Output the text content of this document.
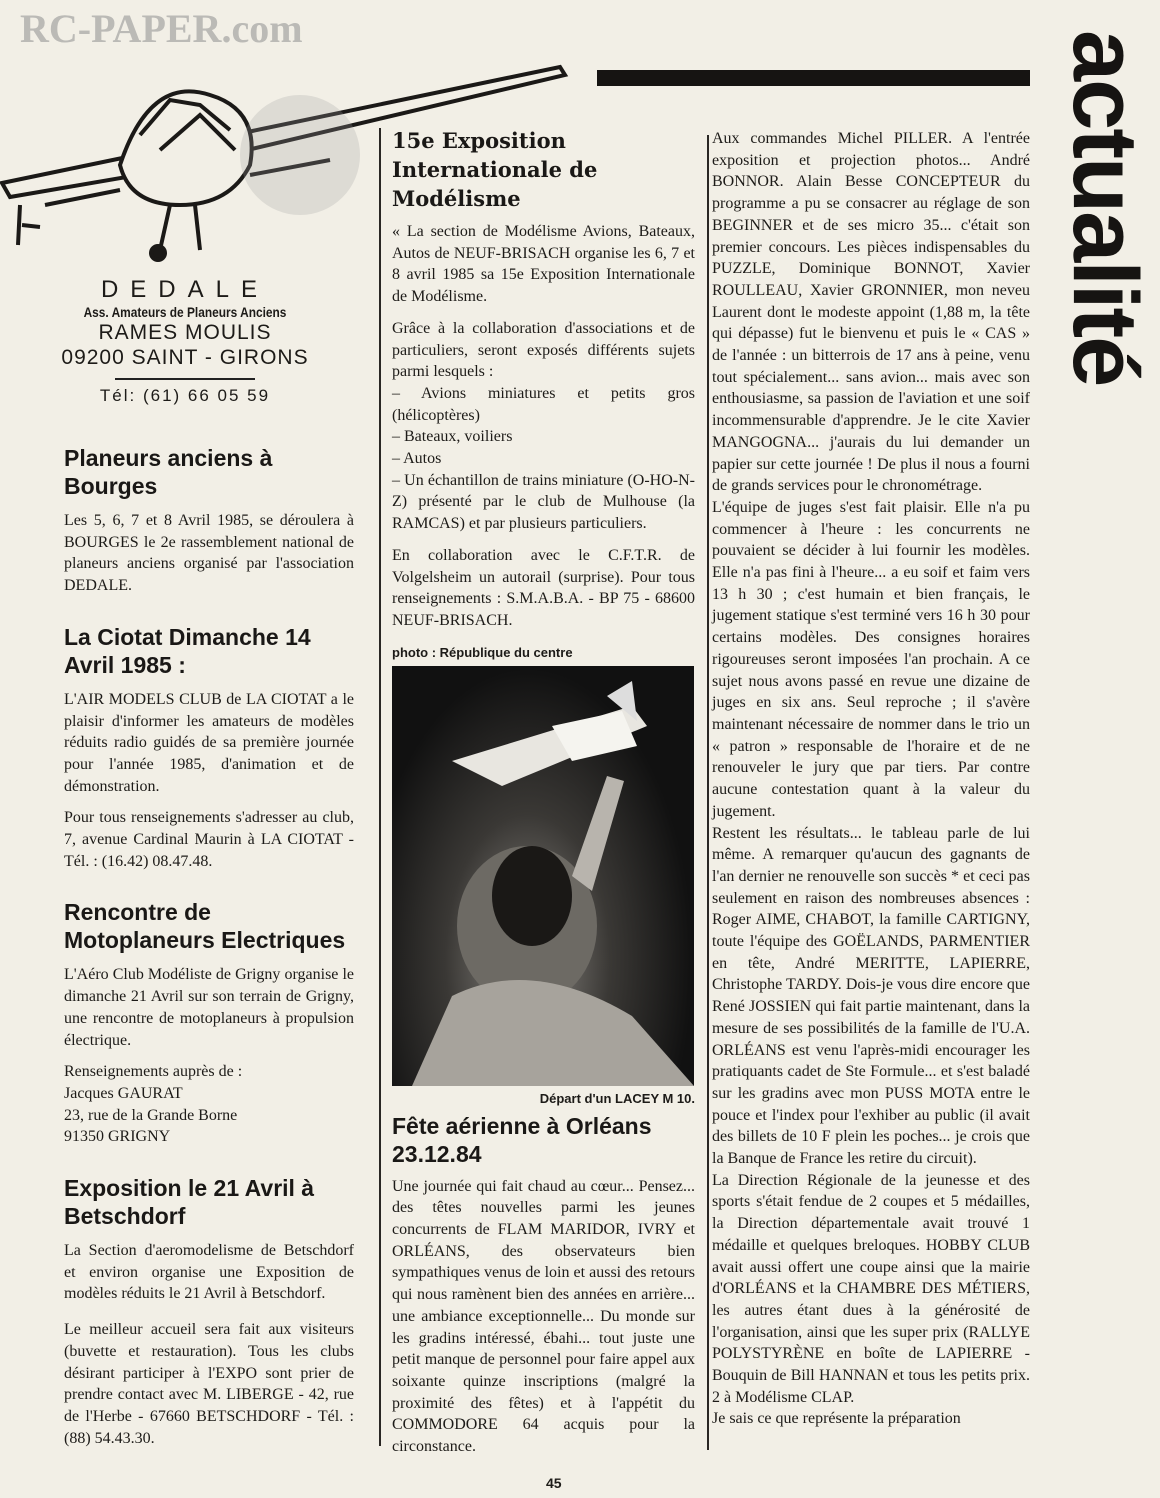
actualité
RC-PAPER.com
DEDALE
Ass. Amateurs de Planeurs Anciens
RAMES MOULIS
09200 SAINT - GIRONS
Tél: (61) 66 05 59
Planeurs anciens à Bourges

Les 5, 6, 7 et 8 Avril 1985, se déroulera à BOURGES le 2e rassemblement national de planeurs anciens organisé par l'association DEDALE.

La Ciotat Dimanche 14 Avril 1985 :

L'AIR MODELS CLUB de LA CIOTAT a le plaisir d'informer les amateurs de modèles réduits radio guidés de sa première journée pour l'année 1985, d'animation et de démonstration.

Pour tous renseignements s'adresser au club, 7, avenue Cardinal Maurin à LA CIOTAT - Tél. : (16.42) 08.47.48.

Rencontre de Motoplaneurs Electriques

L'Aéro Club Modéliste de Grigny organise le dimanche 21 Avril sur son terrain de Grigny, une rencontre de motoplaneurs à propulsion électrique.

Renseignements auprès de :

Jacques GAURAT

23, rue de la Grande Borne

91350 GRIGNY

Exposition le 21 Avril à Betschdorf

La Section d'aeromodelisme de Betschdorf et environ organise une Exposition de modèles réduits le 21 Avril à Betschdorf.

Le meilleur accueil sera fait aux visiteurs (buvette et restauration). Tous les clubs désirant participer à l'EXPO sont prier de prendre contact avec M. LIBERGE - 42, rue de l'Herbe - 67660 BETSCHDORF - Tél. : (88) 54.43.30.

15e Exposition Internationale de Modélisme

« La section de Modélisme Avions, Bateaux, Autos de NEUF-BRISACH organise les 6, 7 et 8 avril 1985 sa 15e Exposition Internationale de Modélisme.

Grâce à la collaboration d'associations et de particuliers, seront exposés différents sujets parmi lesquels :

– Avions miniatures et petits gros (hélicoptères)

– Bateaux, voiliers

– Autos

– Un échantillon de trains miniature (O-HO-N-Z) présenté par le club de Mulhouse (la RAMCAS) et par plusieurs particuliers.

En collaboration avec le C.F.T.R. de Volgelsheim un autorail (surprise). Pour tous renseignements : S.M.A.B.A. - BP 75 - 68600 NEUF-BRISACH.

photo : République du centre
Départ d'un LACEY M 10.
Fête aérienne à Orléans 23.12.84

Une journée qui fait chaud au cœur... Pensez... des têtes nouvelles parmi les jeunes concurrents de FLAM MARIDOR, IVRY et ORLÉANS, des observateurs bien sympathiques venus de loin et aussi des retours qui nous ramènent bien des années en arrière... une ambiance exceptionnelle... Du monde sur les gradins intéressé, ébahi... tout juste une petit manque de personnel pour faire appel aux soixante quinze inscriptions (malgré la proximité des fêtes) et à l'appétit du COMMODORE 64 acquis pour la circonstance.

Aux commandes Michel PILLER. A l'entrée exposition et projection photos... André BONNOR. Alain Besse CONCEPTEUR du programme a pu se consacrer au réglage de son BEGINNER et de ses micro 35... c'était son premier concours. Les pièces indispensables du PUZZLE, Dominique BONNOT, Xavier ROULLEAU, Xavier GRONNIER, mon neveu Laurent dont le modeste appoint (1,88 m, la tête qui dépasse) fut le bienvenu et puis le « CAS » de l'année : un bitterrois de 17 ans à peine, venu tout spécialement... sans avion... mais avec son enthousiasme, sa passion de l'aviation et une soif incommensurable d'apprendre. Je le cite Xavier MANGOGNA... j'aurais du lui demander un papier sur cette journée ! De plus il nous a fourni de grands services pour le chronométrage.

L'équipe de juges s'est fait plaisir. Elle n'a pu commencer à l'heure : les concurrents ne pouvaient se décider à lui fournir les modèles. Elle n'a pas fini à l'heure... a eu soif et faim vers 13 h 30 ; c'est humain et bien français, le jugement statique s'est terminé vers 16 h 30 pour certains modèles. Des consignes horaires rigoureuses seront imposées l'an prochain. A ce sujet nous avons passé en revue une dizaine de juges en six ans. Seul reproche ; il s'avère maintenant nécessaire de nommer dans le trio un « patron » responsable de l'horaire et de ne renouveler le jury que par tiers. Par contre aucune contestation quant à la valeur du jugement.

Restent les résultats... le tableau parle de lui même. A remarquer qu'aucun des gagnants de l'an dernier ne renouvelle son succès * et ceci pas seulement en raison des nombreuses absences : Roger AIME, CHABOT, la famille CARTIGNY, toute l'équipe des GOËLANDS, PARMENTIER en tête, André MERITTE, LAPIERRE, Christophe TARDY. Dois-je vous dire encore que René JOSSIEN qui fait partie maintenant, dans la mesure de ses possibilités de la famille de l'U.A. ORLÉANS est venu l'après-midi encourager les pratiquants cadet de Ste Formule... et s'est baladé sur les gradins avec mon PUSS MOTA entre le pouce et l'index pour l'exhiber au public (il avait des billets de 10 F plein les poches... je crois que la Banque de France les retire du circuit).

La Direction Régionale de la jeunesse et des sports s'était fendue de 2 coupes et 5 médailles, la Direction départementale avait trouvé 1 médaille et quelques breloques. HOBBY CLUB avait aussi offert une coupe ainsi que la mairie d'ORLÉANS et la CHAMBRE DES MÉTIERS, les autres étant dues à la générosité de l'organisation, ainsi que les super prix (RALLYE POLYSTYRÈNE en boîte de LAPIERRE - Bouquin de Bill HANNAN et tous les petits prix. 2 à Modélisme CLAP.

Je sais ce que représente la préparation

45
